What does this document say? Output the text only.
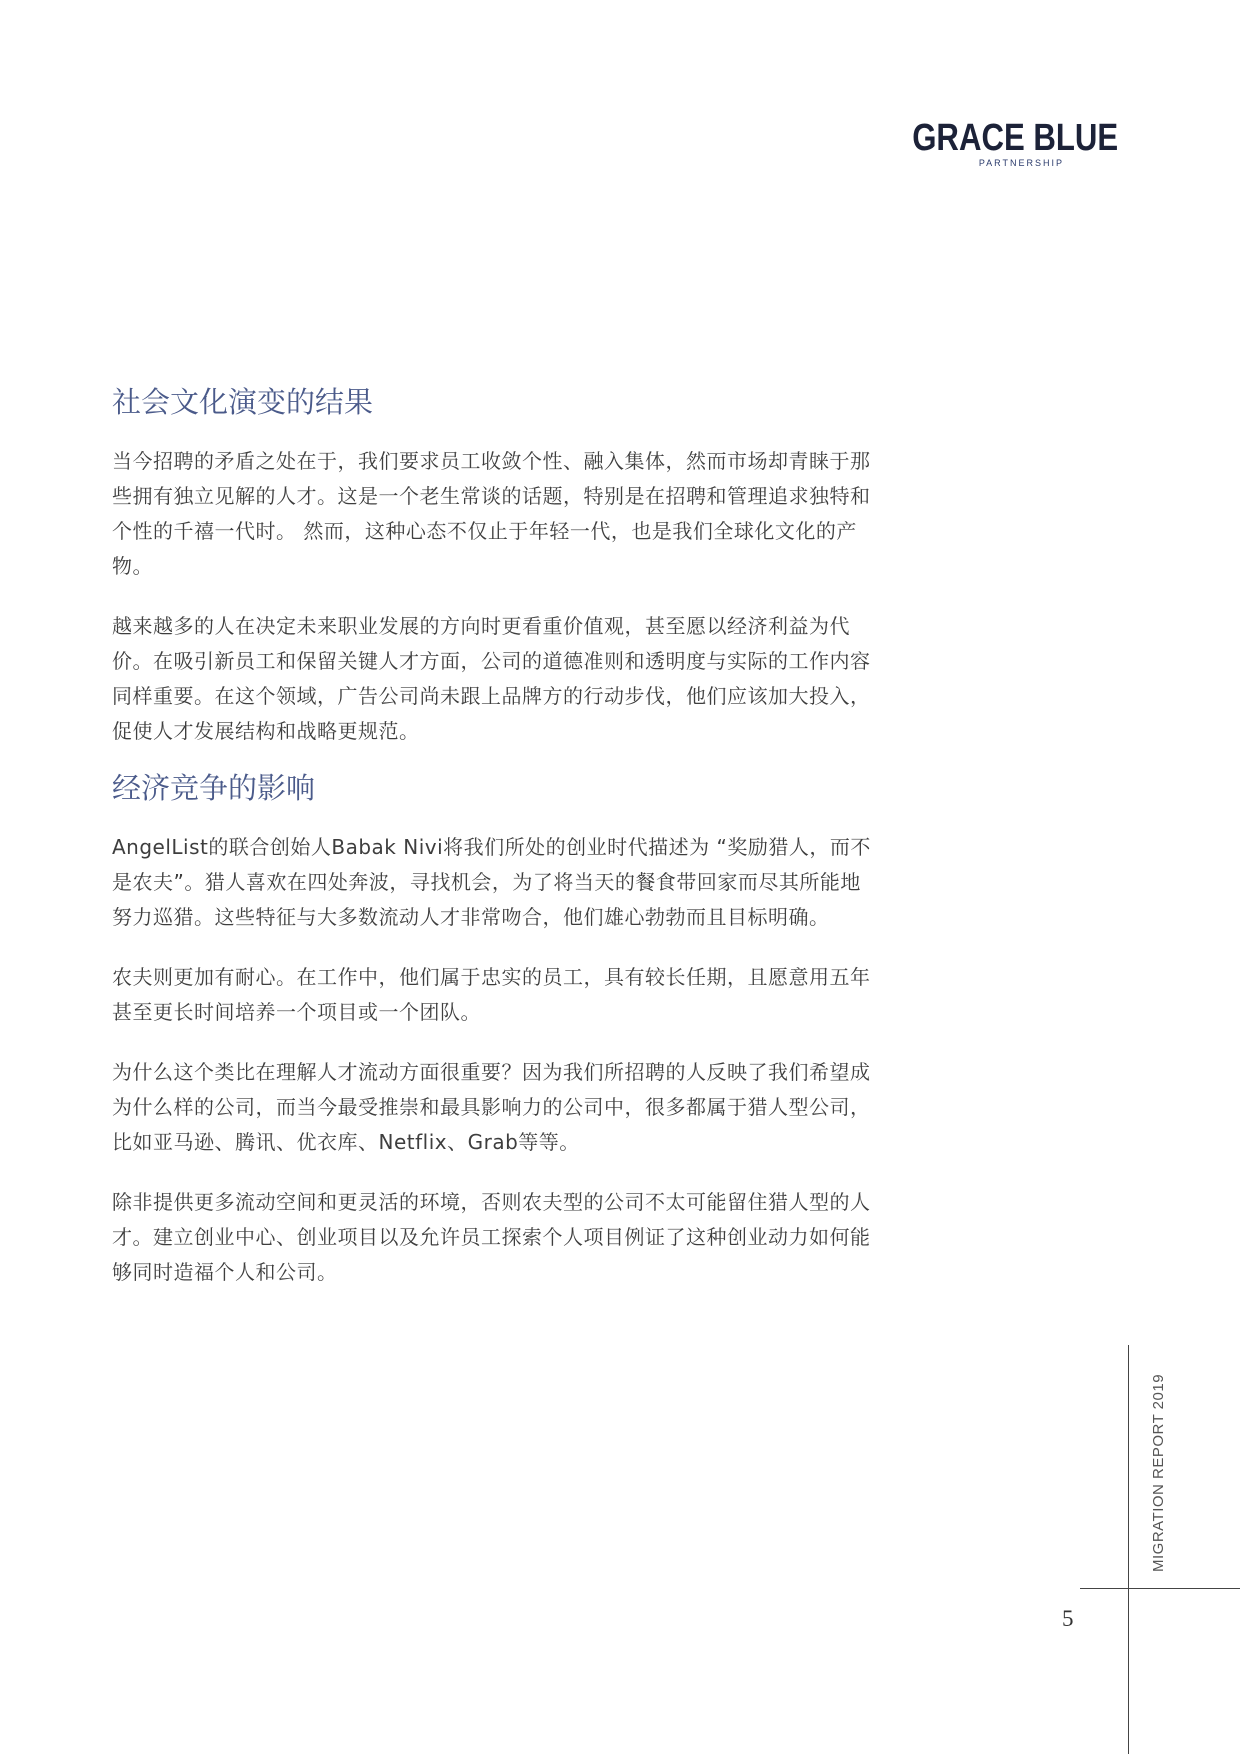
GRACE BLUE
PARTNERSHIP
社会文化演变的结果

当今招聘的矛盾之处在于，我们要求员工收敛个性、融入集体，然而市场却青睐于那些拥有独立见解的人才。这是一个老生常谈的话题，特别是在招聘和管理追求独特和个性的千禧一代时。 然而，这种心态不仅止于年轻一代，也是我们全球化文化的产物。

越来越多的人在决定未来职业发展的方向时更看重价值观，甚至愿以经济利益为代价。在吸引新员工和保留关键人才方面，公司的道德准则和透明度与实际的工作内容同样重要。在这个领域，广告公司尚未跟上品牌方的行动步伐，他们应该加大投入，促使人才发展结构和战略更规范。

经济竞争的影响

AngelList的联合创始人Babak Nivi将我们所处的创业时代描述为 “奖励猎人，而不是农夫”。猎人喜欢在四处奔波，寻找机会，为了将当天的餐食带回家而尽其所能地努力巡猎。这些特征与大多数流动人才非常吻合，他们雄心勃勃而且目标明确。

农夫则更加有耐心。在工作中，他们属于忠实的员工，具有较长任期，且愿意用五年甚至更长时间培养一个项目或一个团队。

为什么这个类比在理解人才流动方面很重要？因为我们所招聘的人反映了我们希望成为什么样的公司，而当今最受推崇和最具影响力的公司中，很多都属于猎人型公司，比如亚马逊、腾讯、优衣库、Netflix、Grab等等。

除非提供更多流动空间和更灵活的环境，否则农夫型的公司不太可能留住猎人型的人才。建立创业中心、创业项目以及允许员工探索个人项目例证了这种创业动力如何能够同时造福个人和公司。

MIGRATION REPORT 2019
5
